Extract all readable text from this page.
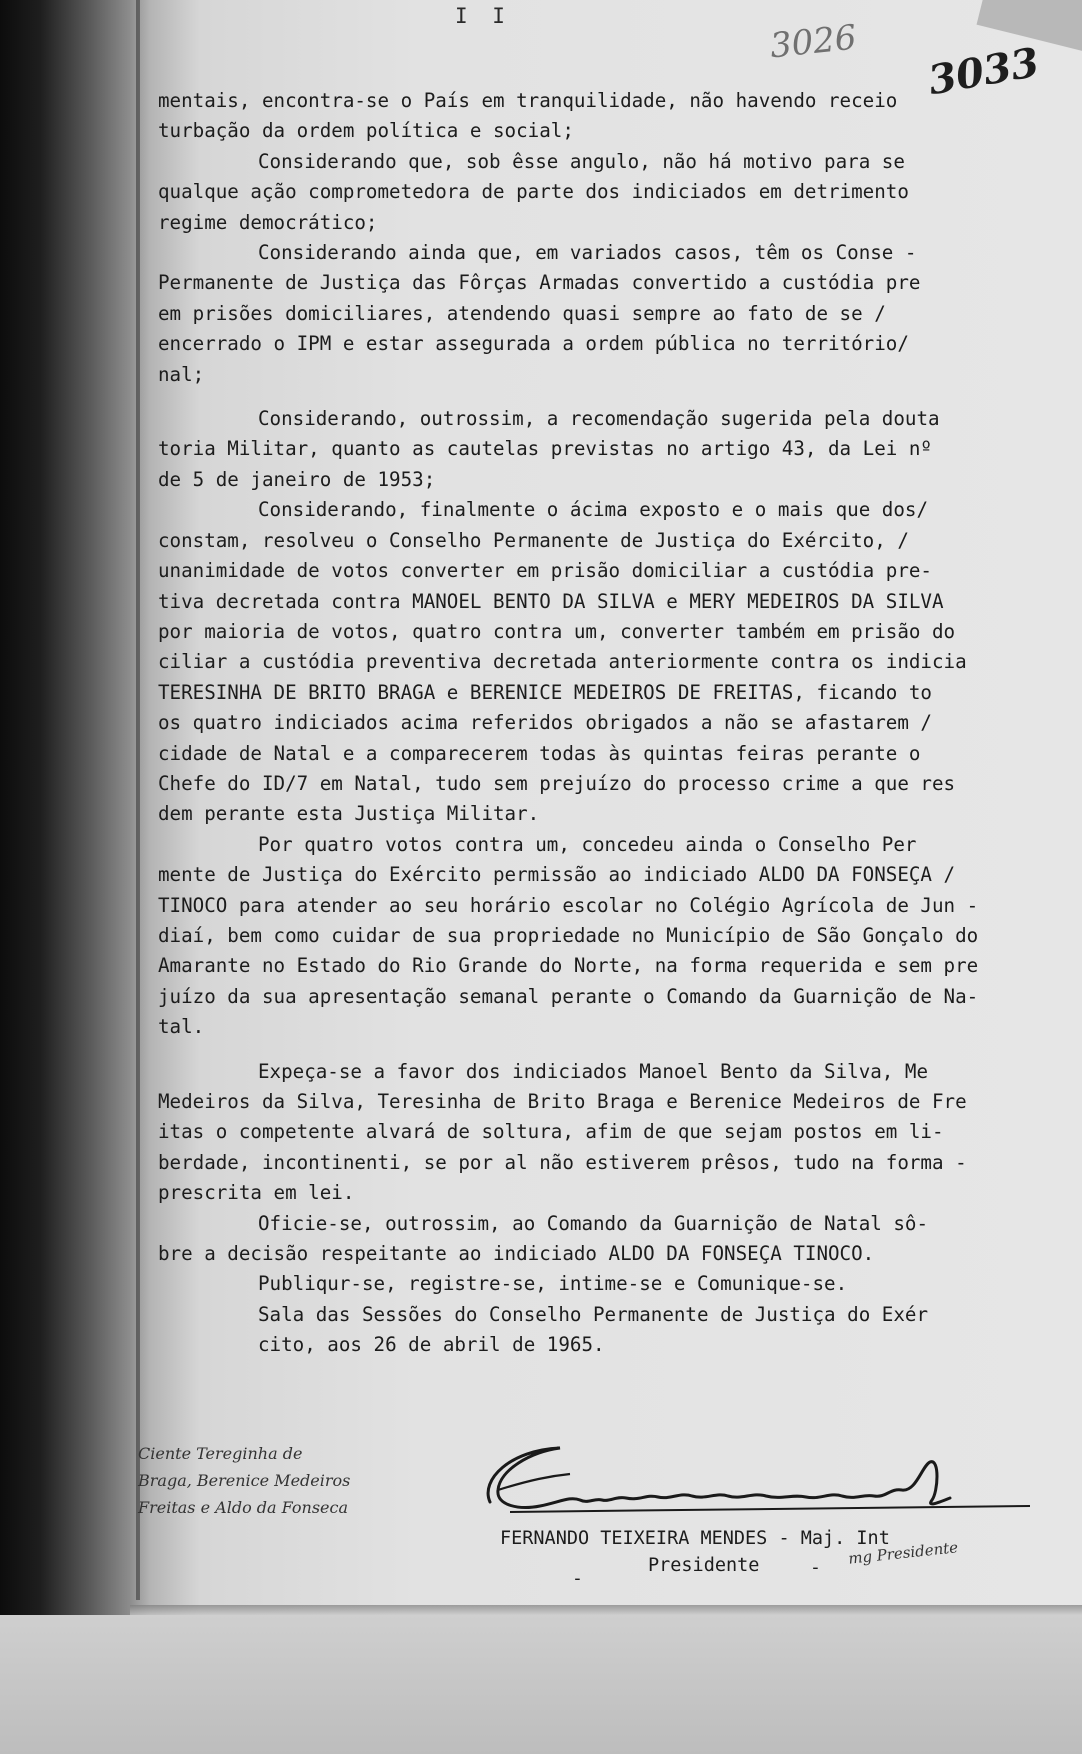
I I
3026 3033
mentais, encontra-se o País em tranquilidade, não havendo receio
turbação da ordem política e social;
Considerando que, sob êsse angulo, não há motivo para se
qualque ação comprometedora de parte dos indiciados em detrimento
regime democrático;
Considerando ainda que, em variados casos, têm os Conse -
Permanente de Justiça das Fôrças Armadas convertido a custódia pre
em prisões domiciliares, atendendo quasi sempre ao fato de se /
encerrado o IPM e estar assegurada a ordem pública no território/
nal;
Considerando, outrossim, a recomendação sugerida pela douta
toria Militar, quanto as cautelas previstas no artigo 43, da Lei nº
de 5 de janeiro de 1953;
Considerando, finalmente o ácima exposto e o mais que dos/
constam, resolveu o Conselho Permanente de Justiça do Exército, /
unanimidade de votos converter em prisão domiciliar a custódia pre-
tiva decretada contra MANOEL BENTO DA SILVA e MERY MEDEIROS DA SILVA
por maioria de votos, quatro contra um, converter também em prisão do
ciliar a custódia preventiva decretada anteriormente contra os indicia
TERESINHA DE BRITO BRAGA e BERENICE MEDEIROS DE FREITAS, ficando to
os quatro indiciados acima referidos obrigados a não se afastarem /
cidade de Natal e a comparecerem todas às quintas feiras perante o
Chefe do ID/7 em Natal, tudo sem prejuízo do processo crime a que res
dem perante esta Justiça Militar.
Por quatro votos contra um, concedeu ainda o Conselho Per
mente de Justiça do Exército permissão ao indiciado ALDO DA FONSEÇA /
TINOCO para atender ao seu horário escolar no Colégio Agrícola de Jun -
diaí, bem como cuidar de sua propriedade no Município de São Gonçalo do
Amarante no Estado do Rio Grande do Norte, na forma requerida e sem pre
juízo da sua apresentação semanal perante o Comando da Guarnição de Na-
tal.
Expeça-se a favor dos indiciados Manoel Bento da Silva, Me
Medeiros da Silva, Teresinha de Brito Braga e Berenice Medeiros de Fre
itas o competente alvará de soltura, afim de que sejam postos em li-
berdade, incontinenti, se por al não estiverem prêsos, tudo na forma -
prescrita em lei.
Oficie-se, outrossim, ao Comando da Guarnição de Natal sô-
bre a decisão respeitante ao indiciado ALDO DA FONSEÇA TINOCO.
Publiqur-se, registre-se, intime-se e Comunique-se.
Sala das Sessões do Conselho Permanente de Justiça do Exér
cito, aos 26 de abril de 1965.
Ciente Tereginha de
Braga, Berenice Medeiros
Freitas e Aldo da Fonseca
FERNANDO TEIXEIRA MENDES - Maj. Int
Presidente
-
- mg Presidente
